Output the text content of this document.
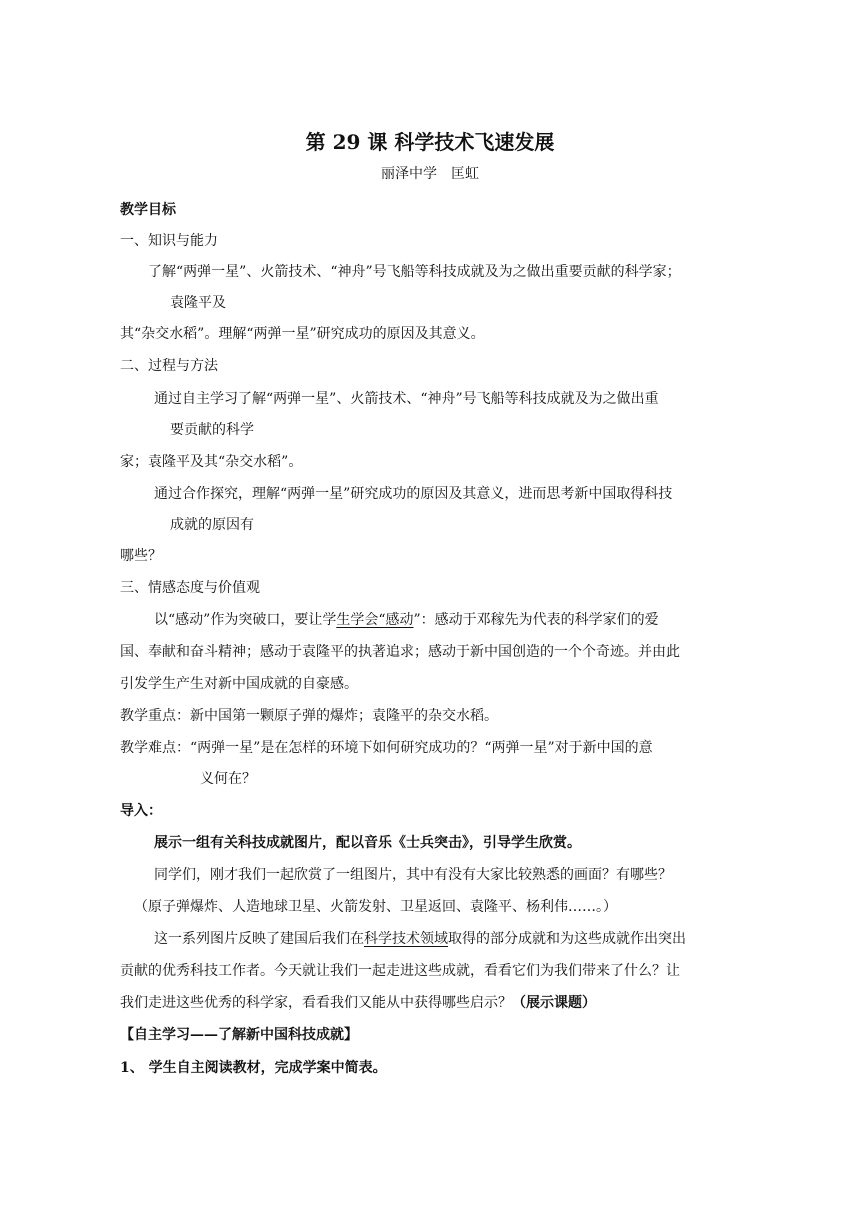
第 29 课 科学技术飞速发展
丽泽中学　匡虹
教学目标
一、知识与能力
了解“两弹一星”、火箭技术、“神舟”号飞船等科技成就及为之做出重要贡献的科学家；
袁隆平及
其“杂交水稻”。理解“两弹一星”研究成功的原因及其意义。
二、过程与方法
通过自主学习了解“两弹一星”、火箭技术、“神舟”号飞船等科技成就及为之做出重
要贡献的科学
家；袁隆平及其“杂交水稻”。
通过合作探究，理解“两弹一星”研究成功的原因及其意义，进而思考新中国取得科技
成就的原因有
哪些？
三、情感态度与价值观
以“感动”作为突破口，要让学生学会“感动”：感动于邓稼先为代表的科学家们的爱
国、奉献和奋斗精神；感动于袁隆平的执著追求；感动于新中国创造的一个个奇迹。并由此
引发学生产生对新中国成就的自豪感。
教学重点：新中国第一颗原子弹的爆炸；袁隆平的杂交水稻。
教学难点：“两弹一星”是在怎样的环境下如何研究成功的？“两弹一星”对于新中国的意
义何在？
导入：
展示一组有关科技成就图片，配以音乐《士兵突击》，引导学生欣赏。
同学们，刚才我们一起欣赏了一组图片，其中有没有大家比较熟悉的画面？有哪些？
（原子弹爆炸、人造地球卫星、火箭发射、卫星返回、袁隆平、杨利伟……。）
这一系列图片反映了建国后我们在科学技术领域取得的部分成就和为这些成就作出突出
贡献的优秀科技工作者。今天就让我们一起走进这些成就，看看它们为我们带来了什么？让
我们走进这些优秀的科学家，看看我们又能从中获得哪些启示？（展示课题）
【自主学习——了解新中国科技成就】
1、 学生自主阅读教材，完成学案中简表。
